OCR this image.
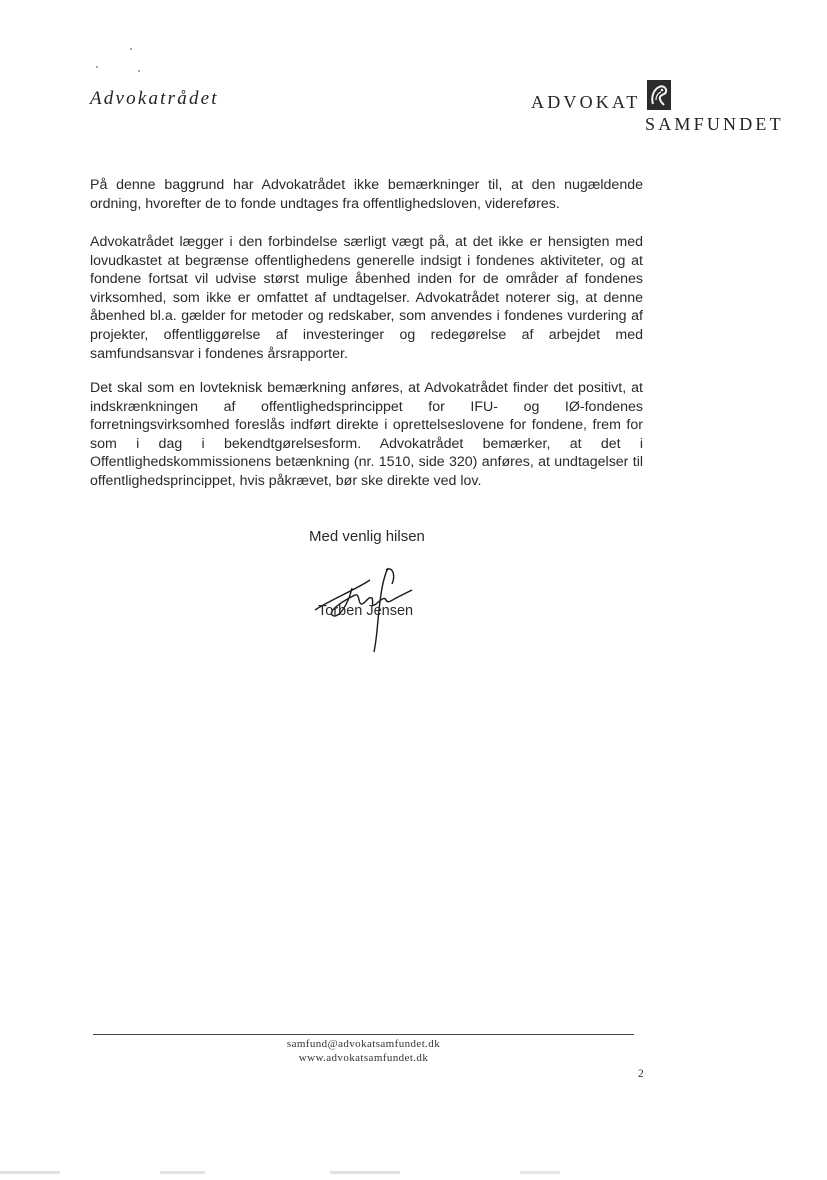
Advokatrådet	ADVOKAT
SAMFUNDET
På denne baggrund har Advokatrådet ikke bemærkninger til, at den nugældende ordning, hvorefter de to fonde undtages fra offentlighedsloven, videreføres.
Advokatrådet lægger i den forbindelse særligt vægt på, at det ikke er hensigten med lovudkastet at begrænse offentlighedens generelle indsigt i fondenes aktiviteter, og at fondene fortsat vil udvise størst mulige åbenhed inden for de områder af fondenes virksomhed, som ikke er omfattet af undtagelser. Advokatrådet noterer sig, at denne åbenhed bl.a. gælder for metoder og redskaber, som anvendes i fondenes vurdering af projekter, offentliggørelse af investeringer og redegørelse af arbejdet med samfundsansvar i fondenes årsrapporter.
Det skal som en lovteknisk bemærkning anføres, at Advokatrådet finder det positivt, at indskrænkningen af offentlighedsprincippet for IFU- og IØ-fondenes forretningsvirksomhed foreslås indført direkte i oprettelseslovene for fondene, frem for som i dag i bekendtgørelsesform. Advokatrådet bemærker, at det i Offentlighedskommissionens betænkning (nr. 1510, side 320) anføres, at undtagelser til offentlighedsprincippet, hvis påkrævet, bør ske direkte ved lov.
Med venlig hilsen
Torben Jensen
samfund@advokatsamfundet.dk
www.advokatsamfundet.dk
2
